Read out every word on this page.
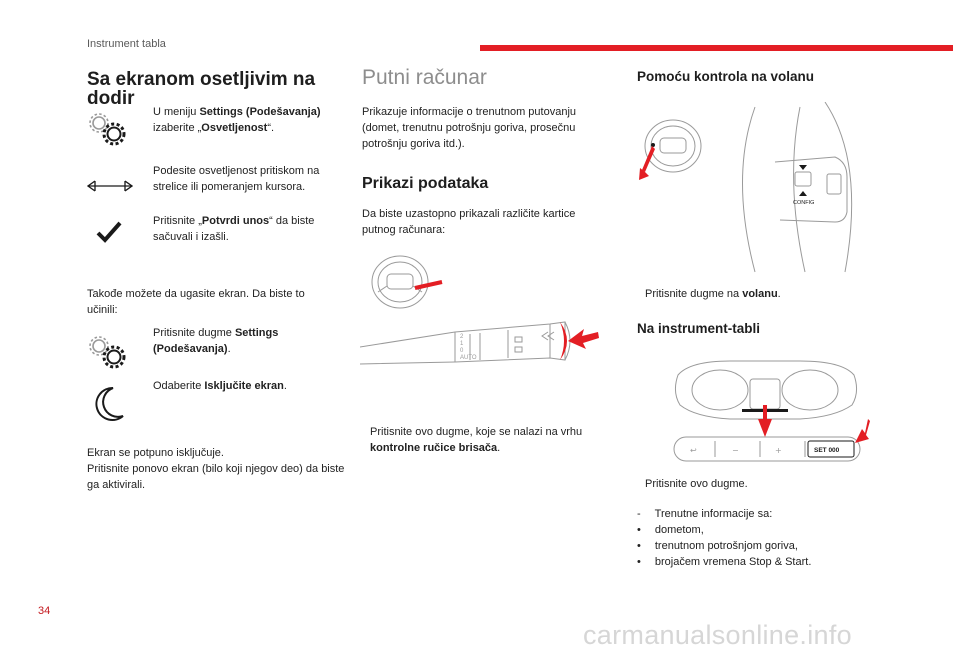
Instrument tabla
Sa ekranom osetljivim na dodir
U meniju Settings (Podešavanja) izaberite „Osvetljenost“.
Podesite osvetljenost pritiskom na strelice ili pomeranjem kursora.
Pritisnite „Potvrdi unos“ da biste sačuvali i izašli.
Takođe možete da ugasite ekran. Da biste to učinili:
Pritisnite dugme Settings (Podešavanja).
Odaberite Isključite ekran.
Ekran se potpuno isključuje.
Pritisnite ponovo ekran (bilo koji njegov deo) da biste ga aktivirali.
Putni računar
Prikazuje informacije o trenutnom putovanju (domet, trenutnu potrošnju goriva, prosečnu potrošnju goriva itd.).
Prikazi podataka
Da biste uzastopno prikazali različite kartice putnog računara:
2
1
0
AUTO
Pritisnite ovo dugme, koje se nalazi na vrhu kontrolne ručice brisača.
Pomoću kontrola na volanu
CONFIG
Pritisnite dugme na volanu.
Na instrument-tabli
↩	−	+	SET 000
Pritisnite ovo dugme.
- Trenutne informacije sa:
• dometom,
• trenutnom potrošnjom goriva,
• brojačem vremena Stop & Start.
34
carmanualsonline.info
